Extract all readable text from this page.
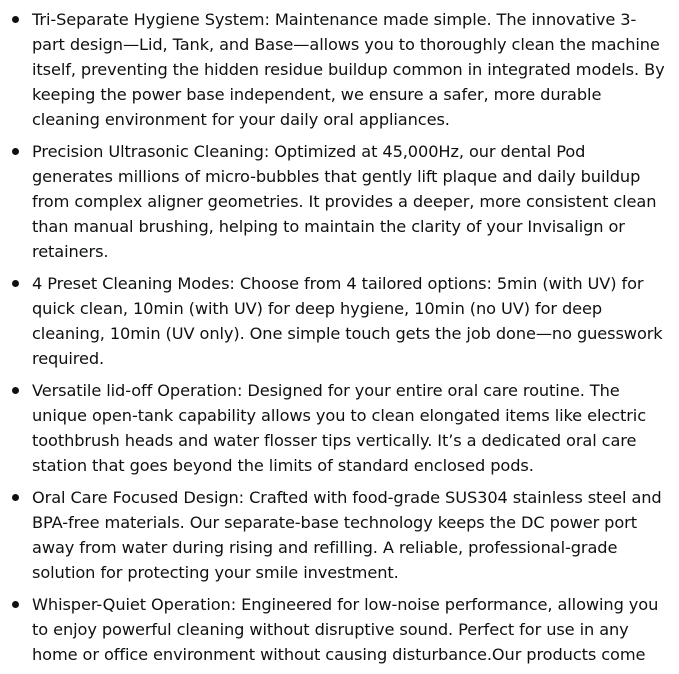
Tri-Separate Hygiene System: Maintenance made simple. The innovative 3-part design—Lid, Tank, and Base—allows you to thoroughly clean the machine itself, preventing the hidden residue buildup common in integrated models. By keeping the power base independent, we ensure a safer, more durable cleaning environment for your daily oral appliances.
Precision Ultrasonic Cleaning: Optimized at 45,000Hz, our dental Pod generates millions of micro-bubbles that gently lift plaque and daily buildup from complex aligner geometries. It provides a deeper, more consistent clean than manual brushing, helping to maintain the clarity of your Invisalign or retainers.
4 Preset Cleaning Modes: Choose from 4 tailored options: 5min (with UV) for quick clean, 10min (with UV) for deep hygiene, 10min (no UV) for deep cleaning, 10min (UV only). One simple touch gets the job done—no guesswork required.
Versatile lid-off Operation: Designed for your entire oral care routine. The unique open-tank capability allows you to clean elongated items like electric toothbrush heads and water flosser tips vertically. It’s a dedicated oral care station that goes beyond the limits of standard enclosed pods.
Oral Care Focused Design: Crafted with food-grade SUS304 stainless steel and BPA-free materials. Our separate-base technology keeps the DC power port away from water during rising and refilling. A reliable, professional-grade solution for protecting your smile investment.
Whisper-Quiet Operation: Engineered for low-noise performance, allowing you to enjoy powerful cleaning without disruptive sound. Perfect for use in any home or office environment without causing disturbance.Our products come
